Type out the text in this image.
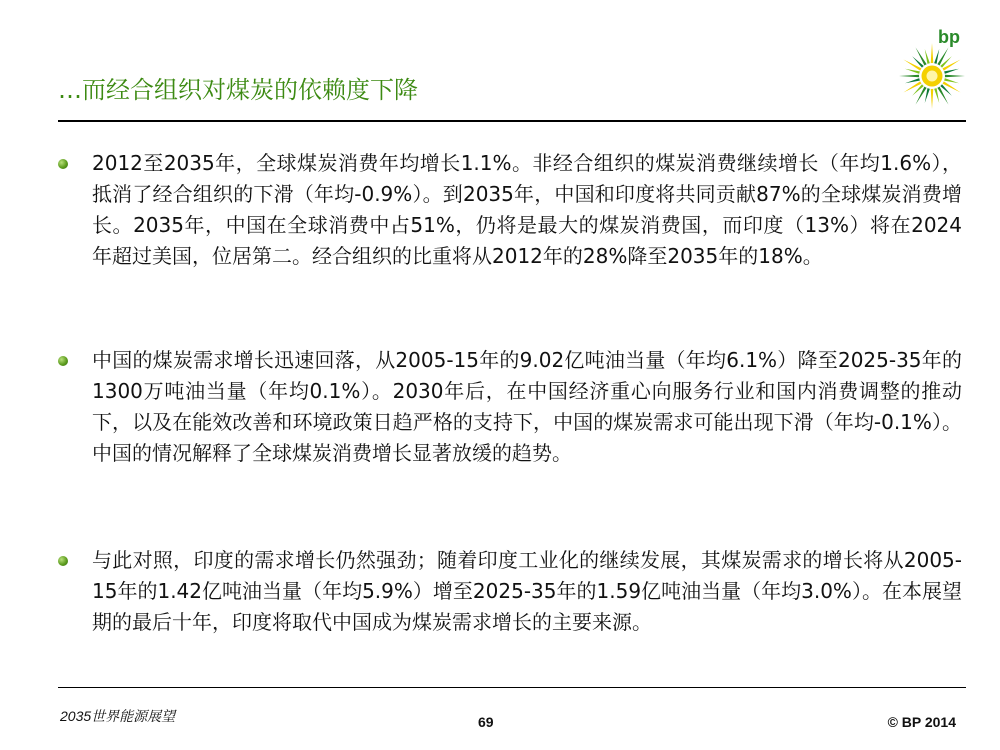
…而经合组织对煤炭的依赖度下降
bp
2012至2035年，全球煤炭消费年均增长1.1%。非经合组织的煤炭消费继续增长（年均1.6%），抵消了经合组织的下滑（年均-0.9%）。到2035年，中国和印度将共同贡献87%的全球煤炭消费增长。2035年，中国在全球消费中占51%，仍将是最大的煤炭消费国，而印度（13%）将在2024年超过美国，位居第二。经合组织的比重将从2012年的28%降至2035年的18%。
中国的煤炭需求增长迅速回落，从2005-15年的9.02亿吨油当量（年均6.1%）降至2025-35年的1300万吨油当量（年均0.1%）。2030年后，在中国经济重心向服务行业和国内消费调整的推动下，以及在能效改善和环境政策日趋严格的支持下，中国的煤炭需求可能出现下滑（年均-0.1%）。中国的情况解释了全球煤炭消费增长显著放缓的趋势。
与此对照，印度的需求增长仍然强劲；随着印度工业化的继续发展，其煤炭需求的增长将从2005-15年的1.42亿吨油当量（年均5.9%）增至2025-35年的1.59亿吨油当量（年均3.0%）。在本展望期的最后十年，印度将取代中国成为煤炭需求增长的主要来源。
2035世界能源展望	69	© BP 2014
